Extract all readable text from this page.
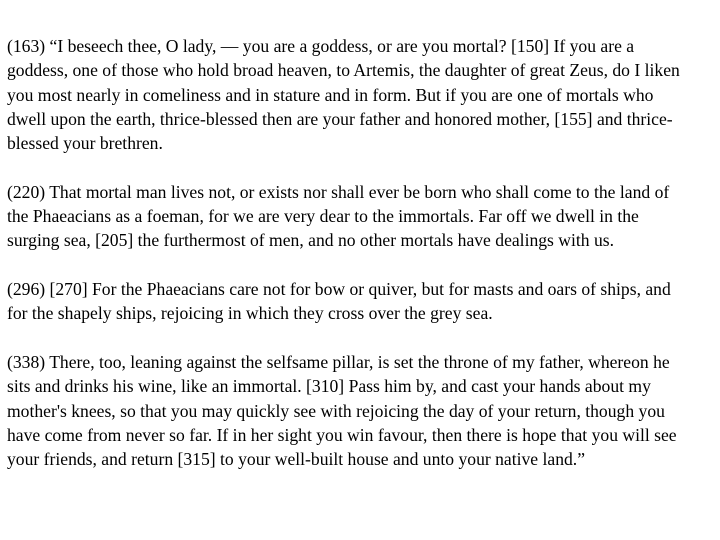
(163) “I beseech thee, O lady, — you are a goddess, or are you mortal? [150] If you are a goddess, one of those who hold broad heaven, to Artemis, the daughter of great Zeus, do I liken you most nearly in comeliness and in stature and in form. But if you are one of mortals who dwell upon the earth, thrice-blessed then are your father and honored mother, [155] and thrice-blessed your brethren.

(220) That mortal man lives not, or exists nor shall ever be born who shall come to the land of the Phaeacians as a foeman, for we are very dear to the immortals. Far off we dwell in the surging sea, [205] the furthermost of men, and no other mortals have dealings with us.

(296) [270] For the Phaeacians care not for bow or quiver, but for masts and oars of ships, and for the shapely ships, rejoicing in which they cross over the grey sea.

(338) There, too, leaning against the selfsame pillar, is set the throne of my father, whereon he sits and drinks his wine, like an immortal. [310] Pass him by, and cast your hands about my mother's knees, so that you may quickly see with rejoicing the day of your return, though you have come from never so far. If in her sight you win favour, then there is hope that you will see your friends, and return [315] to your well-built house and unto your native land.”
